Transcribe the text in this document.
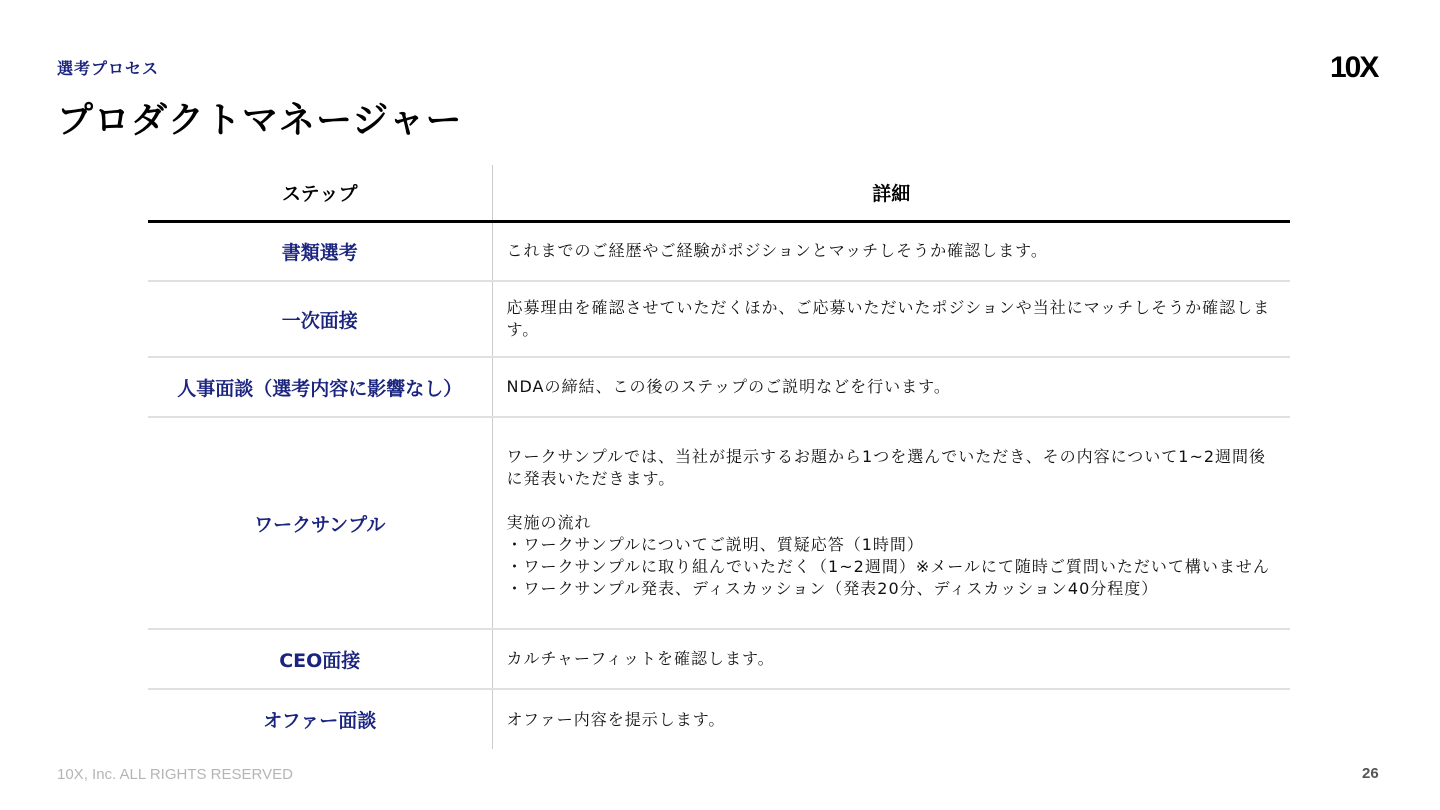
選考プロセス
プロダクトマネージャー
10X
ステップ	詳細
書類選考	これまでのご経歴やご経験がポジションとマッチしそうか確認します。

一次面接	応募理由を確認させていただくほか、ご応募いただいたポジションや当社にマッチしそうか確認します。

人事面談（選考内容に影響なし）	NDAの締結、この後のステップのご説明などを行います。

ワークサンプル	ワークサンプルでは、当社が提示するお題から1つを選んでいただき、その内容について1~2週間後に発表いただきます。

実施の流れ

・ワークサンプルについてご説明、質疑応答（1時間）

・ワークサンプルに取り組んでいただく（1~2週間）※メールにて随時ご質問いただいて構いません

・ワークサンプル発表、ディスカッション（発表20分、ディスカッション40分程度）

CEO面接	カルチャーフィットを確認します。

オファー面談	オファー内容を提示します。

10X, Inc. ALL RIGHTS RESERVED	26
